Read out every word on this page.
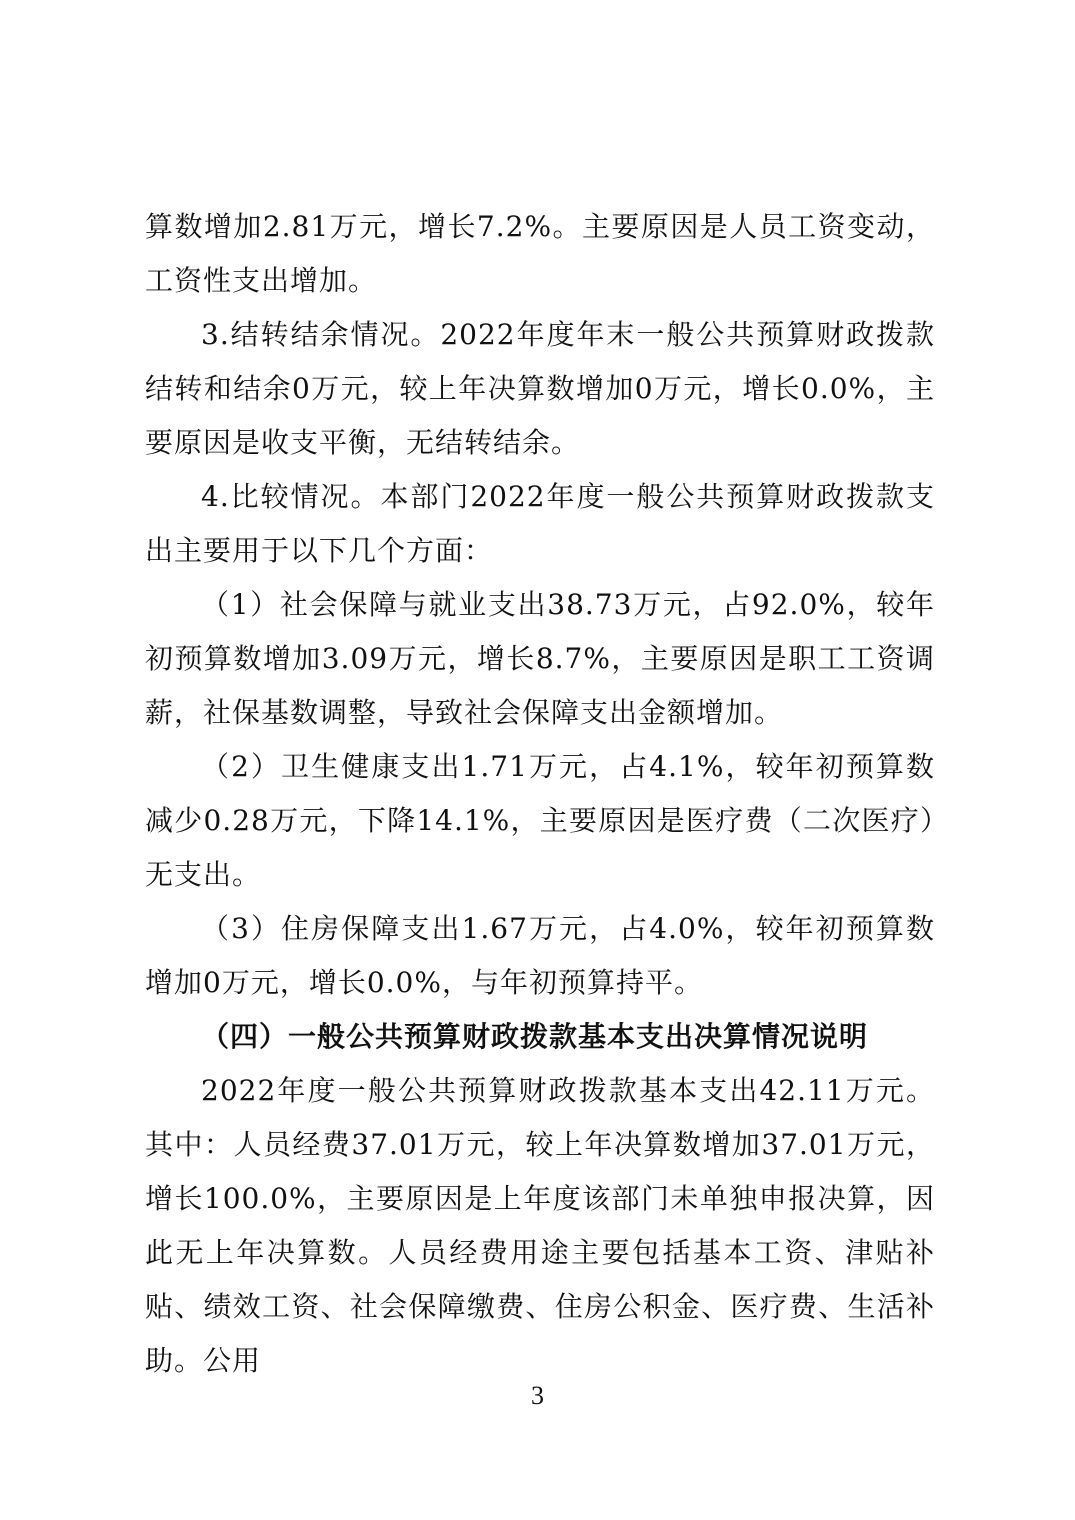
算数增加2.81万元，增长7.2%。主要原因是人员工资变动，工资性支出增加。

3.结转结余情况。2022年度年末一般公共预算财政拨款结转和结余0万元，较上年决算数增加0万元，增长0.0%，主要原因是收支平衡，无结转结余。

4.比较情况。本部门2022年度一般公共预算财政拨款支出主要用于以下几个方面：

（1）社会保障与就业支出38.73万元，占92.0%，较年初预算数增加3.09万元，增长8.7%，主要原因是职工工资调薪，社保基数调整，导致社会保障支出金额增加。

（2）卫生健康支出1.71万元，占4.1%，较年初预算数减少0.28万元，下降14.1%，主要原因是医疗费（二次医疗）无支出。

（3）住房保障支出1.67万元，占4.0%，较年初预算数增加0万元，增长0.0%，与年初预算持平。

（四）一般公共预算财政拨款基本支出决算情况说明

2022年度一般公共预算财政拨款基本支出42.11万元。其中：人员经费37.01万元，较上年决算数增加37.01万元，增长100.0%，主要原因是上年度该部门未单独申报决算，因此无上年决算数。人员经费用途主要包括基本工资、津贴补贴、绩效工资、社会保障缴费、住房公积金、医疗费、生活补助。公用

3
